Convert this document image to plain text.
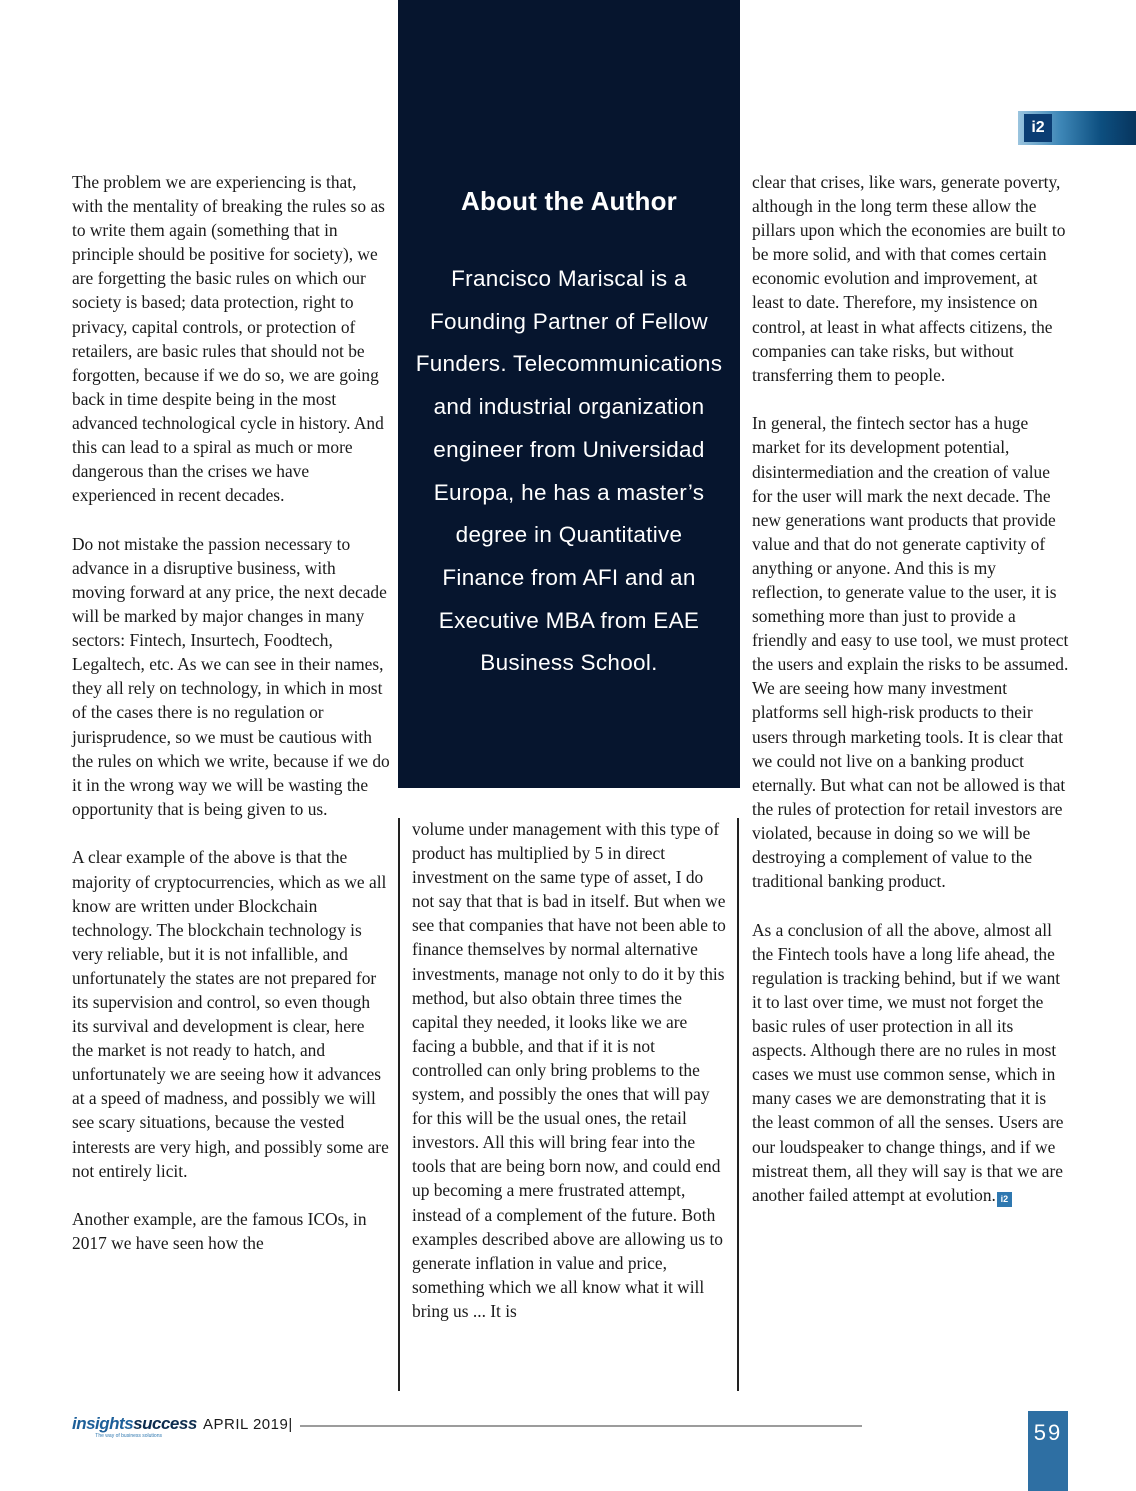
i2

The problem we are experiencing is that, with the mentality of breaking the rules so as to write them again (something that in principle should be positive for society), we are forgetting the basic rules on which our society is based; data protection, right to privacy, capital controls, or protection of retailers, are basic rules that should not be forgotten, because if we do so, we are going back in time despite being in the most advanced technological cycle in history. And this can lead to a spiral as much or more dangerous than the crises we have experienced in recent decades.

Do not mistake the passion necessary to advance in a disruptive business, with moving forward at any price, the next decade will be marked by major changes in many sectors: Fintech, Insurtech, Foodtech, Legaltech, etc. As we can see in their names, they all rely on technology, in which in most of the cases there is no regulation or jurisprudence, so we must be cautious with the rules on which we write, because if we do it in the wrong way we will be wasting the opportunity that is being given to us.

A clear example of the above is that the majority of cryptocurrencies, which as we all know are written under Blockchain technology. The blockchain technology is very reliable, but it is not infallible, and unfortunately the states are not prepared for its supervision and control, so even though its survival and development is clear, here the market is not ready to hatch, and unfortunately we are seeing how it advances at a speed of madness, and possibly we will see scary situations, because the vested interests are very high, and possibly some are not entirely licit.

Another example, are the famous ICOs, in 2017 we have seen how the

About the Author
Francisco Mariscal is a Founding Partner of Fellow Funders. Telecommunications and industrial organization engineer from Universidad Europa, he has a master’s degree in Quantitative Finance from AFI and an Executive MBA from EAE Business School.

volume under management with this type of product has multiplied by 5 in direct investment on the same type of asset, I do not say that that is bad in itself. But when we see that companies that have not been able to finance themselves by normal alternative investments, manage not only to do it by this method, but also obtain three times the capital they needed, it looks like we are facing a bubble, and that if it is not controlled can only bring problems to the system, and possibly the ones that will pay for this will be the usual ones, the retail investors. All this will bring fear into the tools that are being born now, and could end up becoming a mere frustrated attempt, instead of a complement of the future. Both examples described above are allowing us to generate inflation in value and price, something which we all know what it will bring us ... It is

clear that crises, like wars, generate poverty, although in the long term these allow the pillars upon which the economies are built to be more solid, and with that comes certain economic evolution and improvement, at least to date. Therefore, my insistence on control, at least in what affects citizens, the companies can take risks, but without transferring them to people.

In general, the fintech sector has a huge market for its development potential, disintermediation and the creation of value for the user will mark the next decade. The new generations want products that provide value and that do not generate captivity of anything or anyone. And this is my reflection, to generate value to the user, it is something more than just to provide a friendly and easy to use tool, we must protect the users and explain the risks to be assumed. We are seeing how many investment platforms sell high-risk products to their users through marketing tools. It is clear that we could not live on a banking product eternally. But what can not be allowed is that the rules of protection for retail investors are violated, because in doing so we will be destroying a complement of value to the traditional banking product.

As a conclusion of all the above, almost all the Fintech tools have a long life ahead, the regulation is tracking behind, but if we want it to last over time, we must not forget the basic rules of user protection in all its aspects. Although there are no rules in most cases we must use common sense, which in many cases we are demonstrating that it is the least common of all the senses. Users are our loudspeaker to change things, and if we mistreat them, all they will say is that we are another failed attempt at evolution. i2

insightssuccess
The way of business solutions
APRIL 2019|	59
